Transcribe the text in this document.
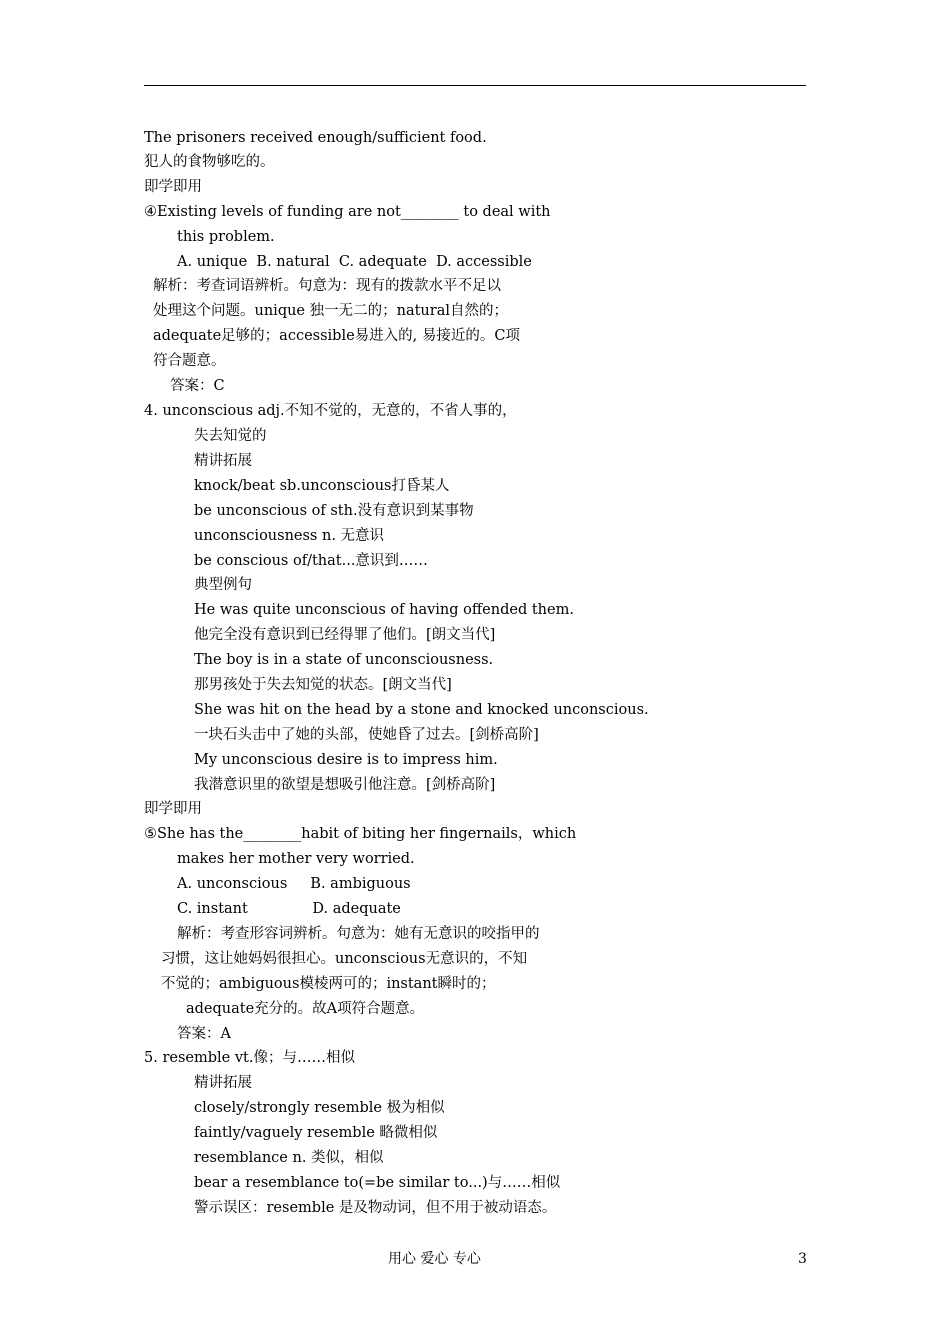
The prisoners received enough/sufficient food.
犯人的食物够吃的。
即学即用
④Existing levels of funding are not________ to deal with
this problem.
A. unique  B. natural  C. adequate  D. accessible
解析：考查词语辨析。句意为：现有的拨款水平不足以
处理这个问题。unique 独一无二的；natural自然的；
adequate足够的；accessible易进入的, 易接近的。C项
符合题意。
答案：C
4. unconscious adj.不知不觉的，无意的，不省人事的，
失去知觉的
精讲拓展
knock/beat sb.unconscious打昏某人
be unconscious of sth.没有意识到某事物
unconsciousness n. 无意识
be conscious of/that...意识到……
典型例句
He was quite unconscious of having offended them.
他完全没有意识到已经得罪了他们。[朗文当代]
The boy is in a state of unconsciousness.
那男孩处于失去知觉的状态。[朗文当代]
She was hit on the head by a stone and knocked unconscious.
一块石头击中了她的头部，使她昏了过去。[剑桥高阶]
My unconscious desire is to impress him.
我潜意识里的欲望是想吸引他注意。[剑桥高阶]
即学即用
⑤She has the________habit of biting her fingernails，which
makes her mother very worried.
A. unconscious     B. ambiguous
C. instant              D. adequate
解析：考查形容词辨析。句意为：她有无意识的咬指甲的
习惯，这让她妈妈很担心。unconscious无意识的，不知
不觉的；ambiguous模棱两可的；instant瞬时的；
adequate充分的。故A项符合题意。
答案：A
5. resemble vt.像；与……相似
精讲拓展
closely/strongly resemble 极为相似
faintly/vaguely resemble 略微相似
resemblance n. 类似，相似
bear a resemblance to(=be similar to...)与……相似
警示误区：resemble 是及物动词，但不用于被动语态。
用心 爱心 专心	3
